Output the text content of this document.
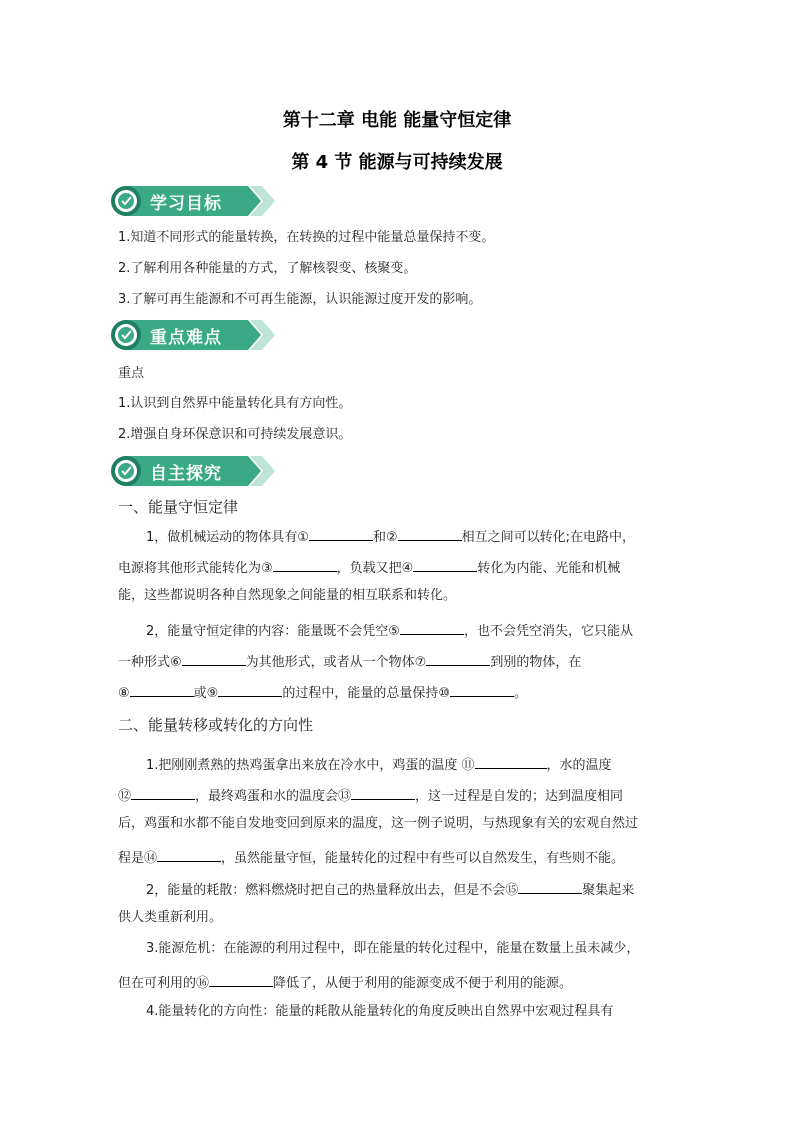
第十二章 电能 能量守恒定律
第 4 节 能源与可持续发展
学习目标
1.知道不同形式的能量转换，在转换的过程中能量总量保持不变。
2.了解利用各种能量的方式，了解核裂变、核聚变。
3.了解可再生能源和不可再生能源，认识能源过度开发的影响。
重点难点
重点
1.认识到自然界中能量转化具有方向性。
2.增强自身环保意识和可持续发展意识。
自主探究
一、能量守恒定律
1，做机械运动的物体具有①	和②	相互之间可以转化;在电路中，
电源将其他形式能转化为③	，负载又把④	转化为内能、光能和机械
能，这些都说明各种自然现象之间能量的相互联系和转化。
2，能量守恒定律的内容：能量既不会凭空⑤	，也不会凭空消失，它只能从
一种形式⑥	为其他形式，或者从一个物体⑦	到别的物体，在
⑧	或⑨	的过程中，能量的总量保持⑩	。
二、能量转移或转化的方向性
1.把刚刚煮熟的热鸡蛋拿出来放在冷水中，鸡蛋的温度 ⑪	，水的温度
⑫	，最终鸡蛋和水的温度会⑬	，这一过程是自发的；达到温度相同
后，鸡蛋和水都不能自发地变回到原来的温度，这一例子说明，与热现象有关的宏观自然过
程是⑭	，虽然能量守恒，能量转化的过程中有些可以自然发生，有些则不能。
2，能量的耗散：燃料燃烧时把自己的热量释放出去，但是不会⑮	聚集起来
供人类重新利用。
3.能源危机：在能源的利用过程中，即在能量的转化过程中，能量在数量上虽未减少，
但在可利用的⑯	降低了，从便于利用的能源变成不便于利用的能源。
4.能量转化的方向性：能量的耗散从能量转化的角度反映出自然界中宏观过程具有
